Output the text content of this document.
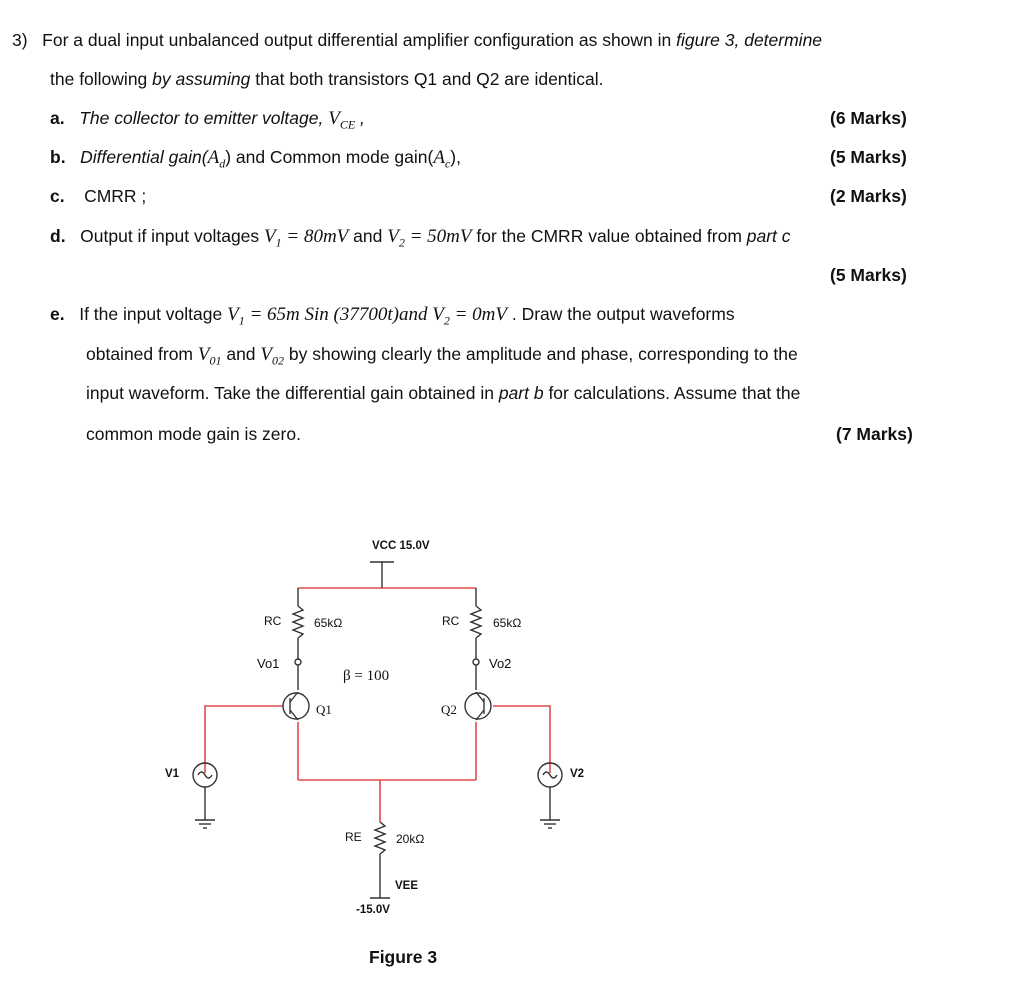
3) For a dual input unbalanced output differential amplifier configuration as shown in figure 3, determine
the following by assuming that both transistors Q1 and Q2 are identical.
a. The collector to emitter voltage, $V_{CE}$ ,	(6 Marks)
b. Differential $gain(A_d)$ and Common mode $gain(A_c)$,	(5 Marks)
c. CMRR ;	(2 Marks)
d. Output if input voltages $V_1 = 80mV$ and $V_2 = 50mV$ for the CMRR value obtained from part c
(5 Marks)
e. If the input voltage $V_1 = 65m$ Sin (37700t)and $V_2 = 0mV$ . Draw the output waveforms
obtained from $V_{01}$ and $V_{02}$ by showing clearly the amplitude and phase, corresponding to the
input waveform. Take the differential gain obtained in part b for calculations. Assume that the
common mode gain is zero.	(7 Marks)
VCC 15.0V
RC	65kΩ	RC	65kΩ
Vo1	Vo2
β = 100
Q1	Q2
V1	V2
RE	20kΩ
VEE
-15.0V
Figure 3
